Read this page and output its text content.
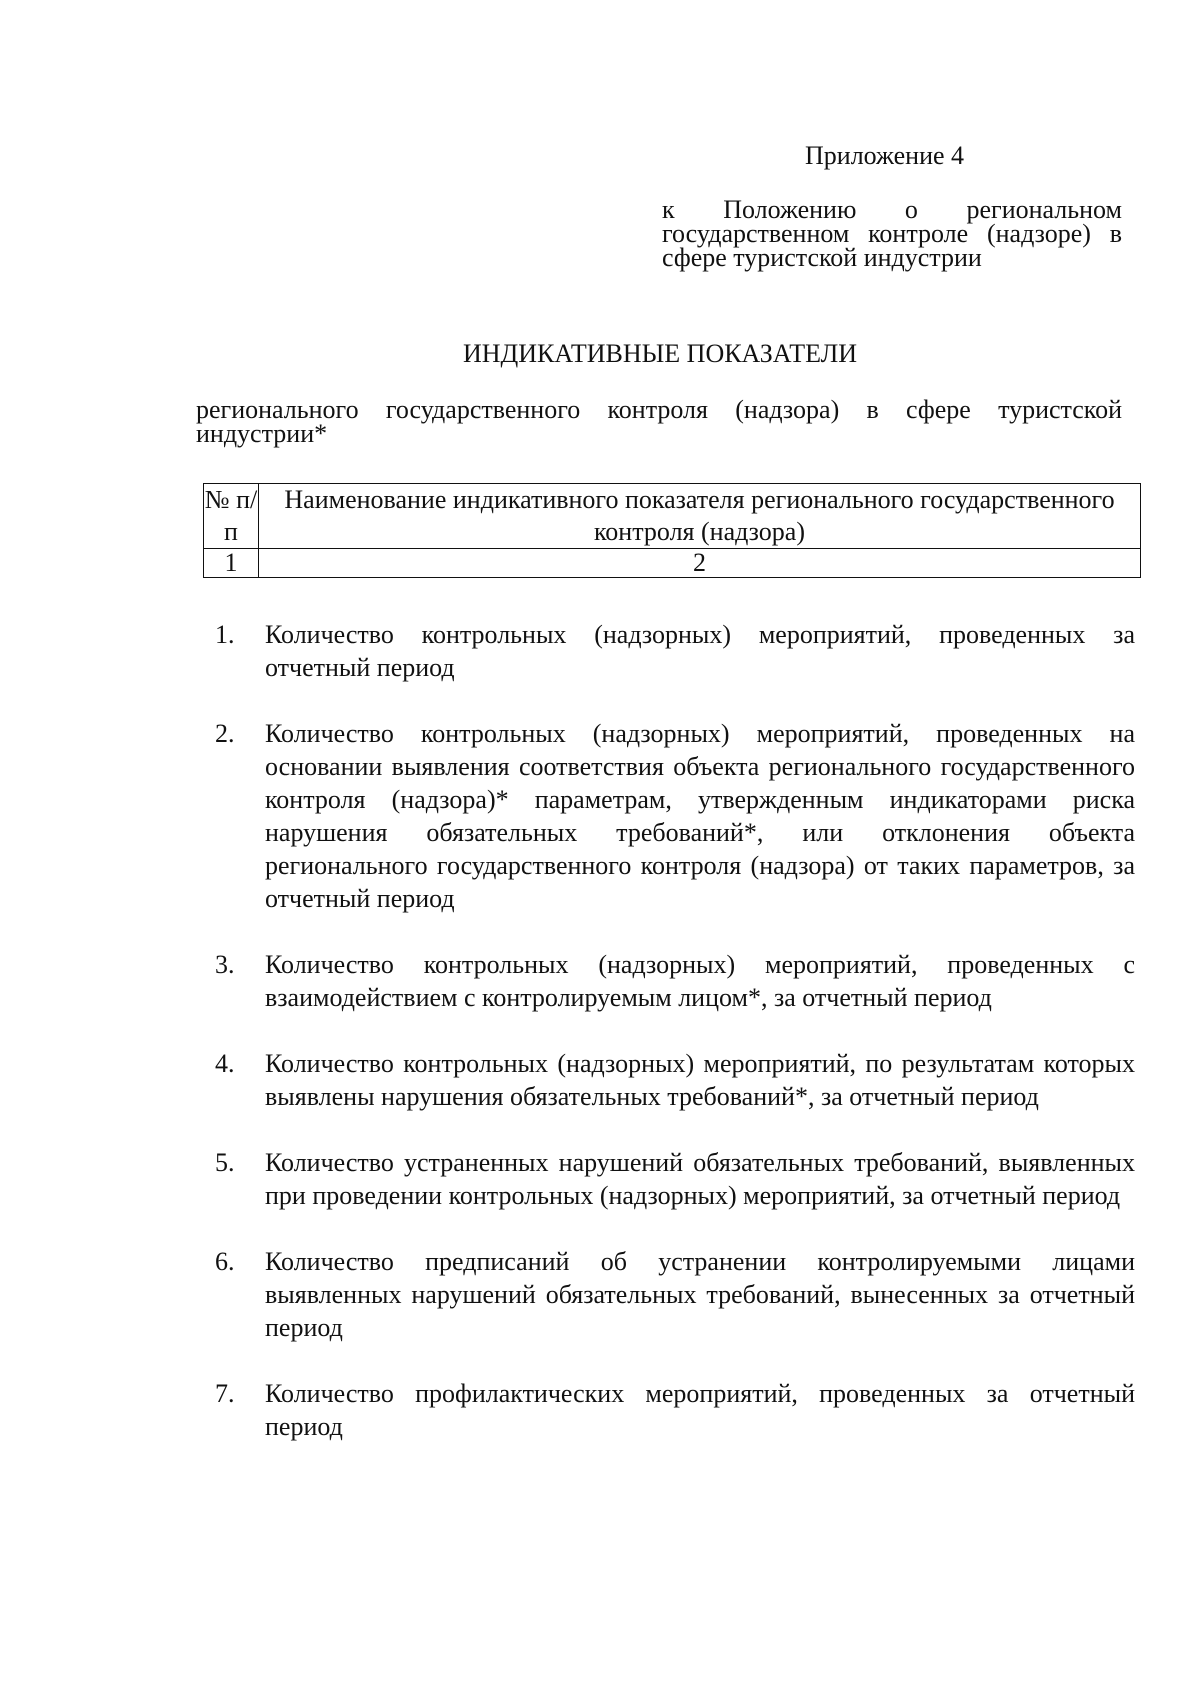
Приложение 4
к Положению о региональном государственном контроле (надзоре) в сфере туристской индустрии
ИНДИКАТИВНЫЕ ПОКАЗАТЕЛИ
регионального государственного контроля (надзора) в сфере туристской индустрии*
№ п/п	Наименование индикативного показателя регионального государственного контроля (надзора)
1	2
1.	Количество контрольных (надзорных) мероприятий, проведенных за отчетный период
2.	Количество контрольных (надзорных) мероприятий, проведенных на основании выявления соответствия объекта регионального государственного контроля (надзора)* параметрам, утвержденным индикаторами риска нарушения обязательных требований*, или отклонения объекта регионального государственного контроля (надзора) от таких параметров, за отчетный период
3.	Количество контрольных (надзорных) мероприятий, проведенных с взаимодействием с контролируемым лицом*, за отчетный период
4.	Количество контрольных (надзорных) мероприятий, по результатам которых выявлены нарушения обязательных требований*, за отчетный период
5.	Количество устраненных нарушений обязательных требований, выявленных при проведении контрольных (надзорных) мероприятий, за отчетный период
6.	Количество предписаний об устранении контролируемыми лицами выявленных нарушений обязательных требований, вынесенных за отчетный период
7.	Количество профилактических мероприятий, проведенных за отчетный период
